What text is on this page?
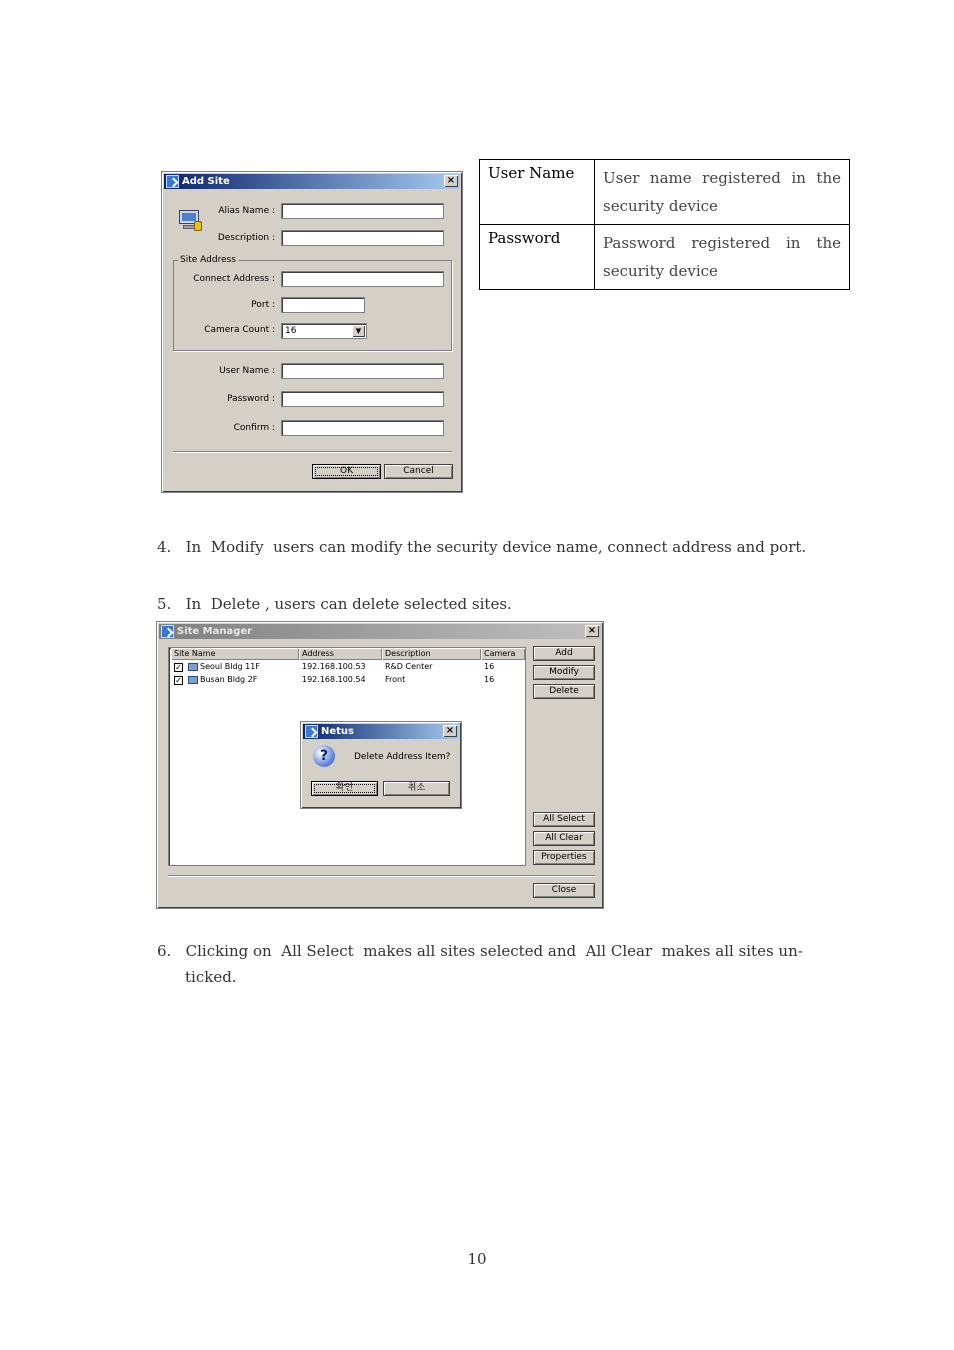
Add Site	×
Alias Name :
Description :
Site Address
Connect Address :
Port :
Camera Count :	16	▼
User Name :
Password :
Confirm :
OK	Cancel
User Name	User name registered in the security device
Password	Password registered in the security device
4.   In  Modify  users can modify the security device name, connect address and port.
5.   In  Delete , users can delete selected sites.
Site Manager	×
Site Name	Address	Description	Camera
✓ Seoul Bldg 11F	192.168.100.53 R&D Center	16
✓ Busan Bldg 2F	192.168.100.54 Front	16
Add
Modify
Delete
All Select
All Clear
Properties
Close
Netus	×
?	Delete Address Item?
확인	취소
6.   Clicking on  All Select  makes all sites selected and  All Clear  makes all sites un-
ticked.
10
